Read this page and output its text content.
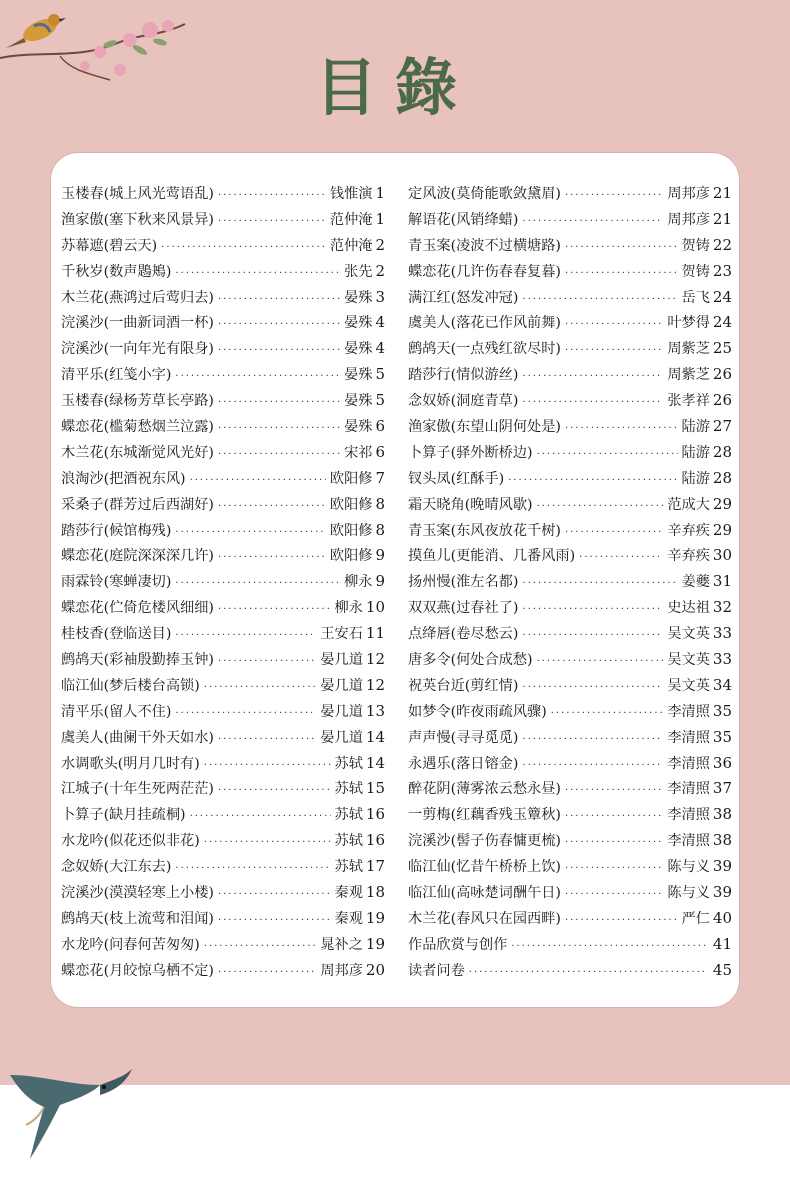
目錄
玉楼春(城上风光莺语乱) ·····	钱惟演 1
渔家傲(塞下秋来风景异) ·····	范仲淹 1
苏幕遮(碧云天) ·····	范仲淹 2
千秋岁(数声鶗鴂) ·····	张先 2
木兰花(燕鸿过后莺归去) ·····	晏殊 3
浣溪沙(一曲新词酒一杯) ·····	晏殊 4
浣溪沙(一向年光有限身) ·····	晏殊 4
清平乐(红笺小字) ·····	晏殊 5
玉楼春(绿杨芳草长亭路) ·····	晏殊 5
蝶恋花(槛菊愁烟兰泣露) ·····	晏殊 6
木兰花(东城渐觉风光好) ·····	宋祁 6
浪淘沙(把酒祝东风) ·····	欧阳修 7
采桑子(群芳过后西湖好) ·····	欧阳修 8
踏莎行(候馆梅残) ·····	欧阳修 8
蝶恋花(庭院深深深几许) ·····	欧阳修 9
雨霖铃(寒蝉凄切) ·····	柳永 9
蝶恋花(伫倚危楼风细细) ·····	柳永 10
桂枝香(登临送目) ·····	王安石 11
鹧鸪天(彩袖殷勤捧玉钟) ·····	晏几道 12
临江仙(梦后楼台高锁) ·····	晏几道 12
清平乐(留人不住) ·····	晏几道 13
虞美人(曲阑干外天如水) ·····	晏几道 14
水调歌头(明月几时有) ·····	苏轼 14
江城子(十年生死两茫茫) ·····	苏轼 15
卜算子(缺月挂疏桐) ·····	苏轼 16
水龙吟(似花还似非花) ·····	苏轼 16
念奴娇(大江东去) ·····	苏轼 17
浣溪沙(漠漠轻寒上小楼) ·····	秦观 18
鹧鸪天(枝上流莺和泪闻) ·····	秦观 19
水龙吟(问春何苦匆匆) ·····	晁补之 19
蝶恋花(月皎惊乌栖不定) ·····	周邦彦 20
定风波(莫倚能歌敛黛眉) ·····	周邦彦 21
解语花(风销绛蜡) ·····	周邦彦 21
青玉案(凌波不过横塘路) ·····	贺铸 22
蝶恋花(几许伤春春复暮) ·····	贺铸 23
满江红(怒发冲冠) ·····	岳飞 24
虞美人(落花已作风前舞) ·····	叶梦得 24
鹧鸪天(一点残红欲尽时) ·····	周紫芝 25
踏莎行(情似游丝) ·····	周紫芝 26
念奴娇(洞庭青草) ·····	张孝祥 26
渔家傲(东望山阴何处是) ·····	陆游 27
卜算子(驿外断桥边) ·····	陆游 28
钗头凤(红酥手) ·····	陆游 28
霜天晓角(晚晴风歇) ·····	范成大 29
青玉案(东风夜放花千树) ·····	辛弃疾 29
摸鱼儿(更能消、几番风雨) ·····	辛弃疾 30
扬州慢(淮左名都) ·····	姜夔 31
双双燕(过春社了) ·····	史达祖 32
点绛唇(卷尽愁云) ·····	吴文英 33
唐多令(何处合成愁) ·····	吴文英 33
祝英台近(剪红情) ·····	吴文英 34
如梦令(昨夜雨疏风骤) ·····	李清照 35
声声慢(寻寻觅觅) ·····	李清照 35
永遇乐(落日镕金) ·····	李清照 36
醉花阴(薄雾浓云愁永昼) ·····	李清照 37
一剪梅(红藕香残玉簟秋) ·····	李清照 38
浣溪沙(髻子伤春慵更梳) ·····	李清照 38
临江仙(忆昔午桥桥上饮) ·····	陈与义 39
临江仙(高咏楚词酬午日) ·····	陈与义 39
木兰花(春风只在园西畔) ·····	严仁 40
作品欣赏与创作 ·····	41
读者问卷 ·····	45
